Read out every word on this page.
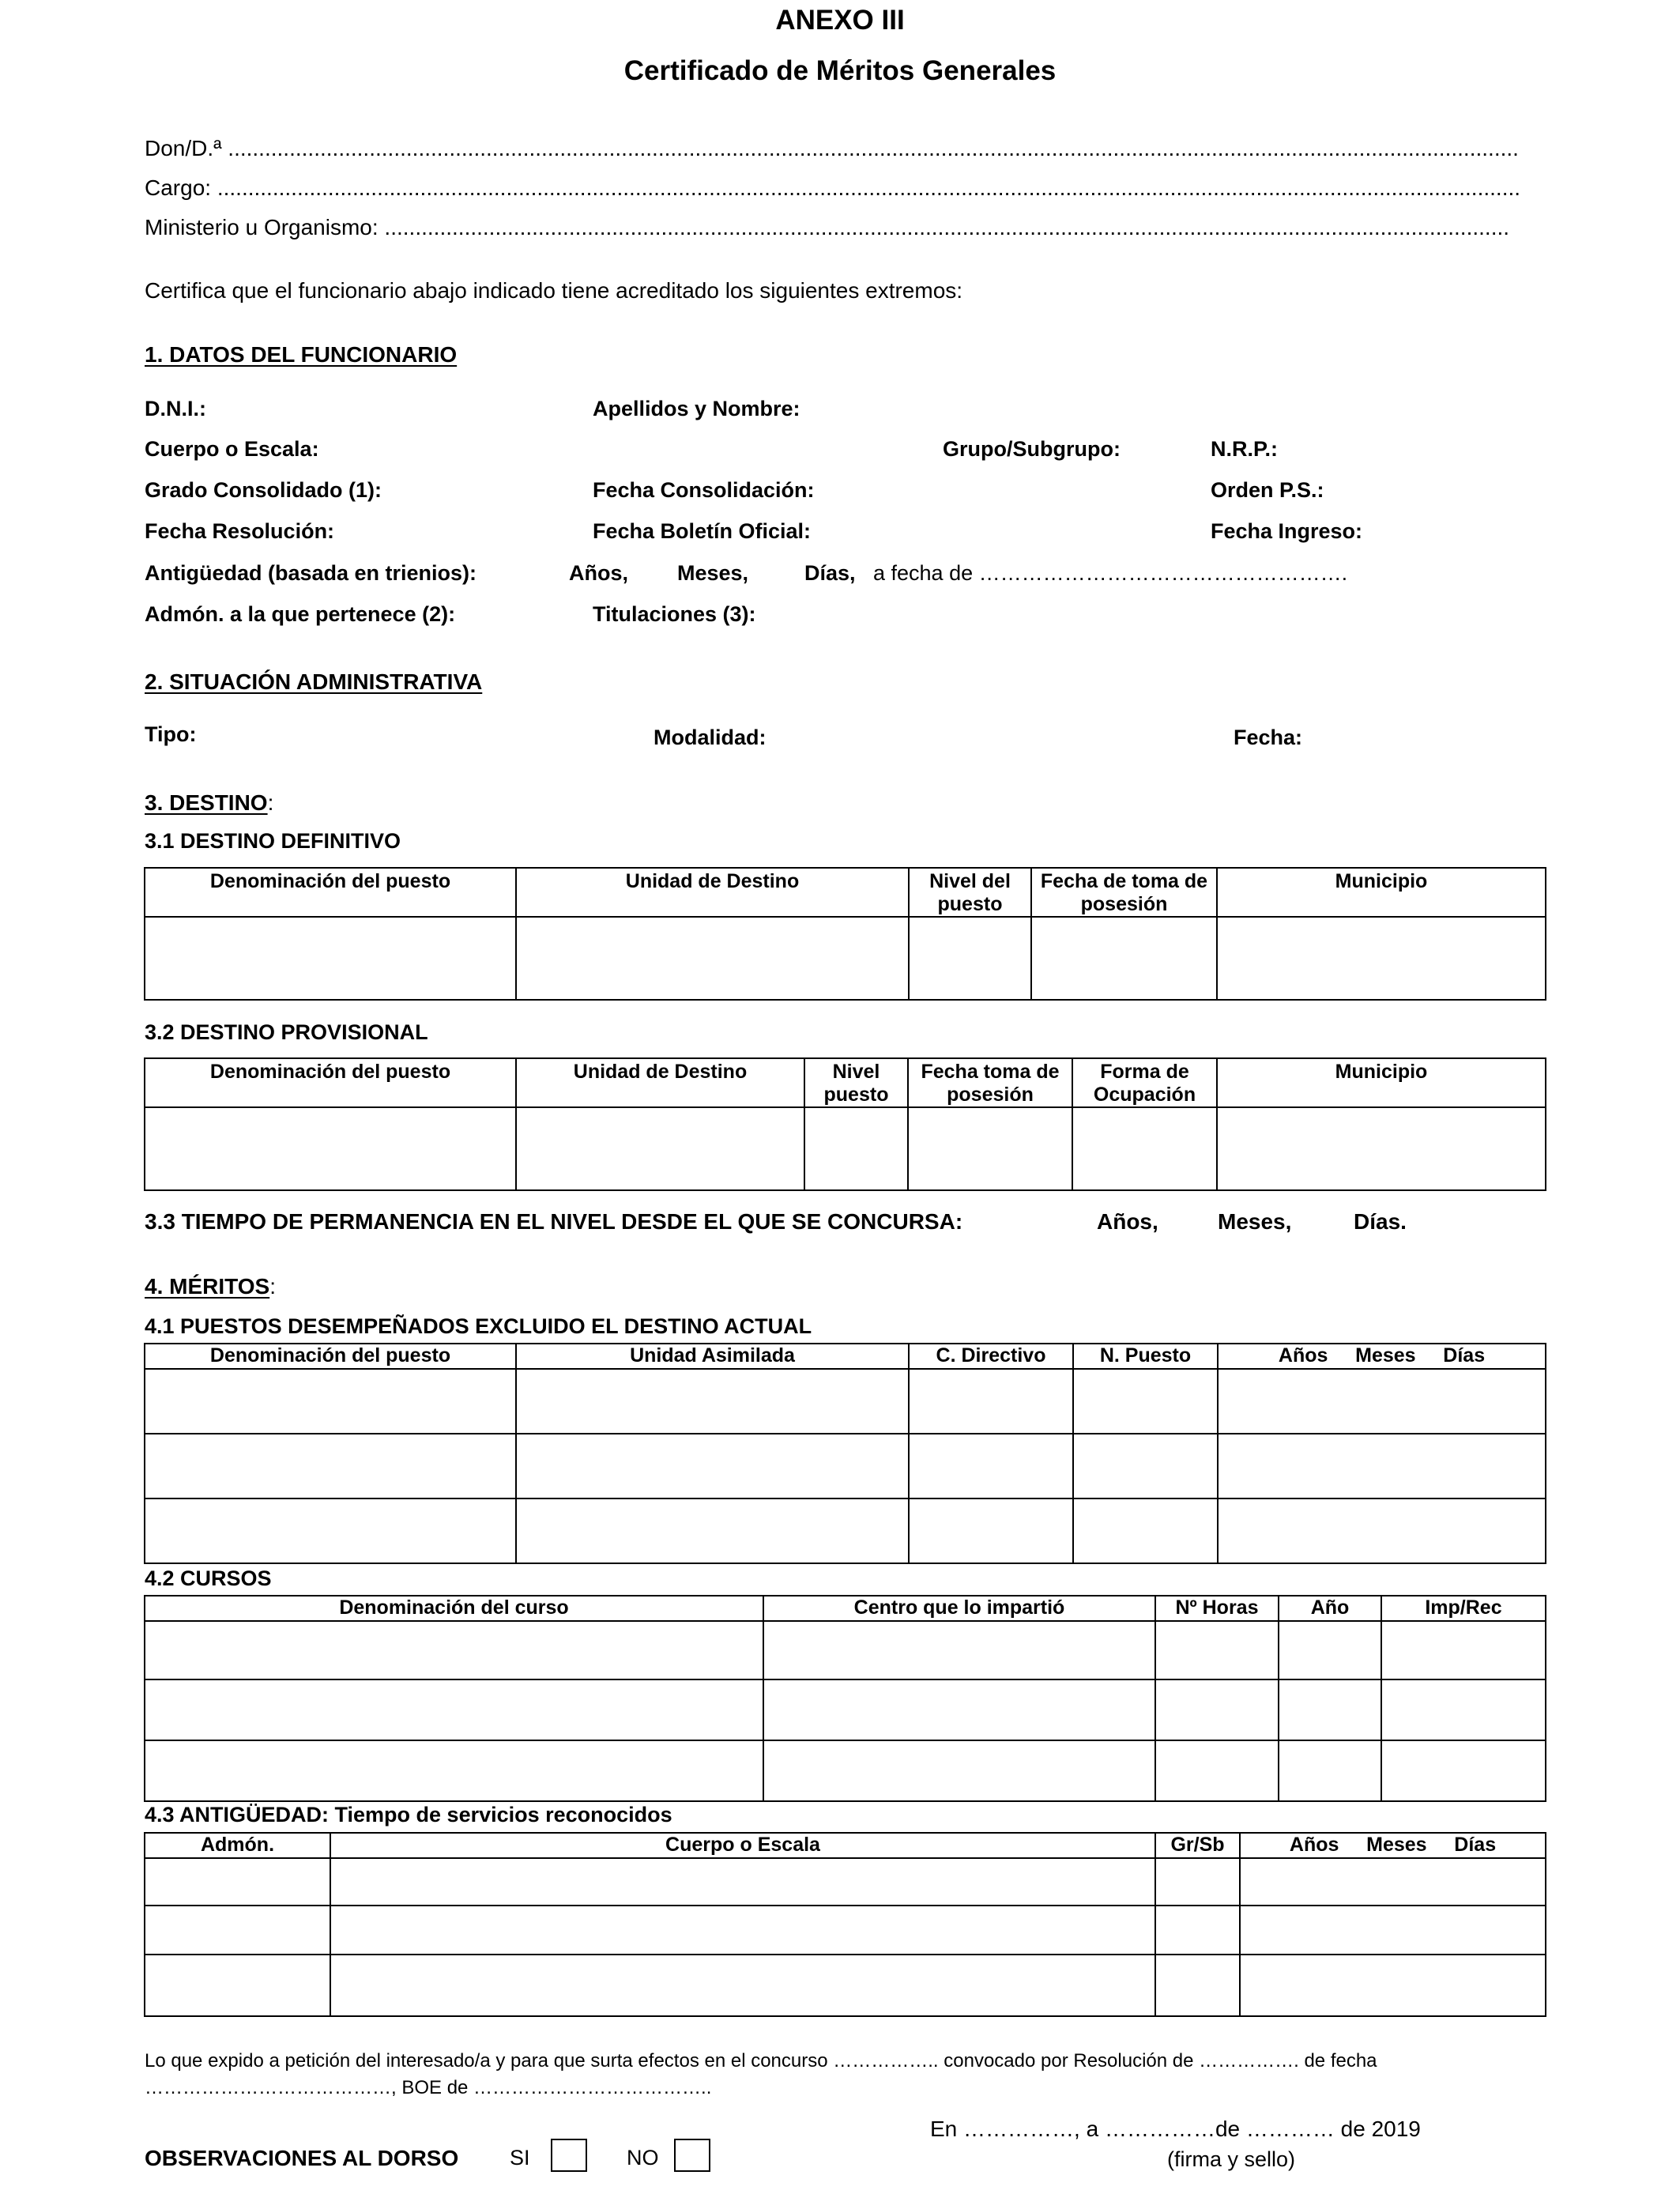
ANEXO III
Certificado de Méritos Generales
Don/D.ª ..................................................................................................................................................................................................................
Cargo: ....................................................................................................................................................................................................................
Ministerio u Organismo: .......................................................................................................................................................................................
Certifica que el funcionario abajo indicado tiene acreditado los siguientes extremos:
1. DATOS DEL FUNCIONARIO
D.N.I.:	Apellidos y Nombre:
Cuerpo o Escala:	Grupo/Subgrupo:	N.R.P.:
Grado Consolidado (1):	Fecha Consolidación:	Orden P.S.:
Fecha Resolución:	Fecha Boletín Oficial:	Fecha Ingreso:
Antigüedad (basada en trienios):	Años, Meses,	Días, a fecha de …………………………………………….
Admón. a la que pertenece (2):	Titulaciones (3):
2. SITUACIÓN ADMINISTRATIVA
Tipo:	Modalidad:	Fecha:
3. DESTINO:
3.1 DESTINO DEFINITIVO
Denominación del puesto	Unidad de Destino	Nivel del puesto	Fecha de toma de posesión	Municipio

3.2 DESTINO PROVISIONAL
Denominación del puesto	Unidad de Destino	Nivel puesto	Fecha toma de posesión	Forma de Ocupación	Municipio

3.3 TIEMPO DE PERMANENCIA EN EL NIVEL DESDE EL QUE SE CONCURSA:	Años,	Meses,	Días.
4. MÉRITOS:
4.1 PUESTOS DESEMPEÑADOS EXCLUIDO EL DESTINO ACTUAL
Denominación del puesto	Unidad Asimilada	C. Directivo	N. Puesto	Años     Meses     Días

4.2 CURSOS
Denominación del curso	Centro que lo impartió	Nº Horas	Año	Imp/Rec

4.3 ANTIGÜEDAD: Tiempo de servicios reconocidos
Admón.	Cuerpo o Escala	Gr/Sb	Años     Meses     Días

Lo que expido a petición del interesado/a y para que surta efectos en el concurso …………….. convocado por Resolución de ……………. de fecha
…………………………………, BOE de ………………………………..
En ……………, a ……………de ………… de 2019
(firma y sello)
OBSERVACIONES AL DORSO SI	NO
